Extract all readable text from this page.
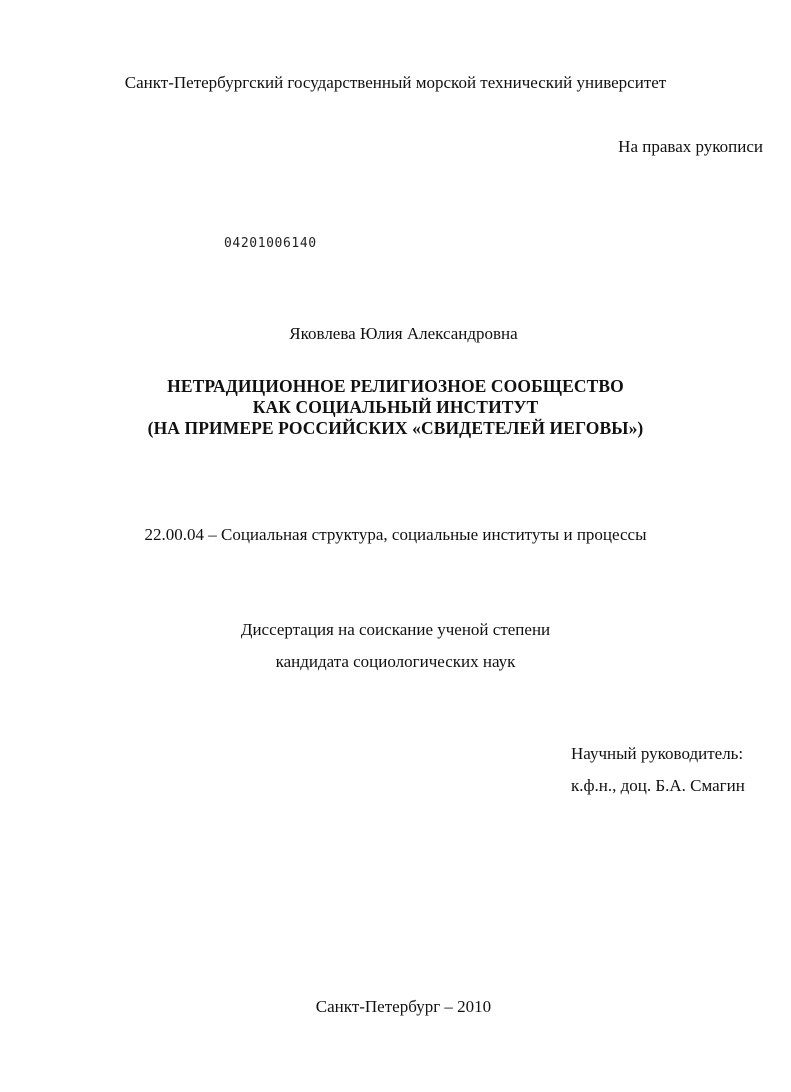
Санкт-Петербургский государственный морской технический университет
На правах рукописи
04201006140
Яковлева Юлия Александровна
НЕТРАДИЦИОННОЕ РЕЛИГИОЗНОЕ СООБЩЕСТВО
КАК СОЦИАЛЬНЫЙ ИНСТИТУТ
(НА ПРИМЕРЕ РОССИЙСКИХ «СВИДЕТЕЛЕЙ ИЕГОВЫ»)
22.00.04 – Социальная структура, социальные институты и процессы
Диссертация на соискание ученой степени
кандидата социологических наук
Научный руководитель:
к.ф.н., доц. Б.А. Смагин
Санкт-Петербург – 2010
